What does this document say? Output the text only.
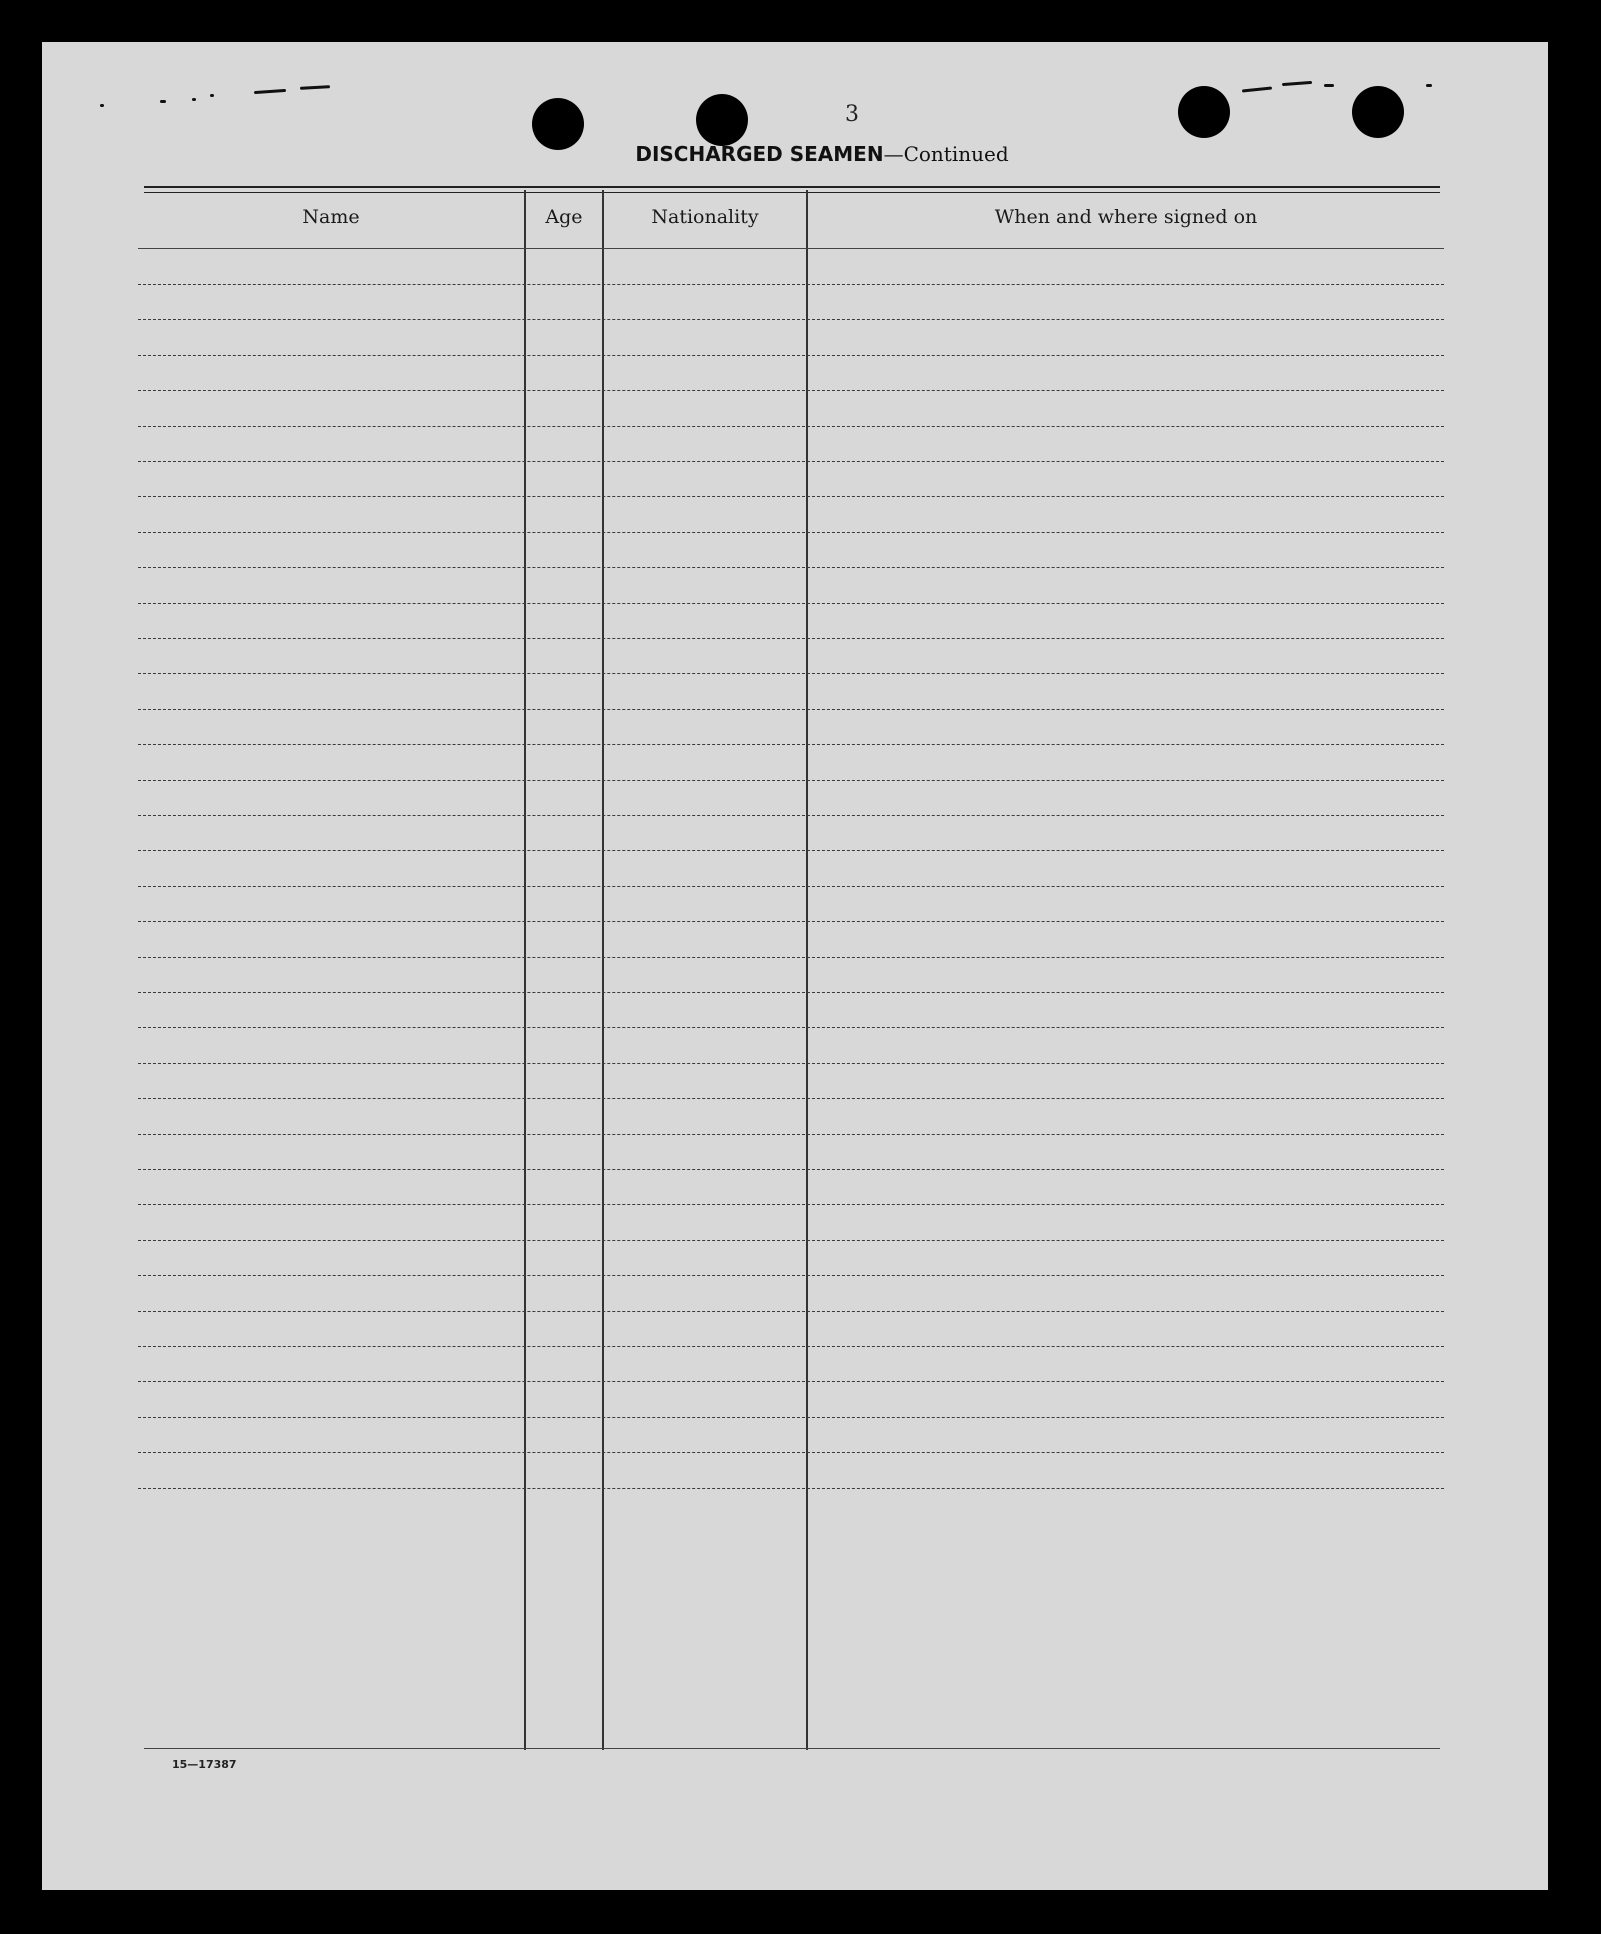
3
DISCHARGED SEAMEN—Continued
Name	Age	Nationality	When and where signed on
15—17387
